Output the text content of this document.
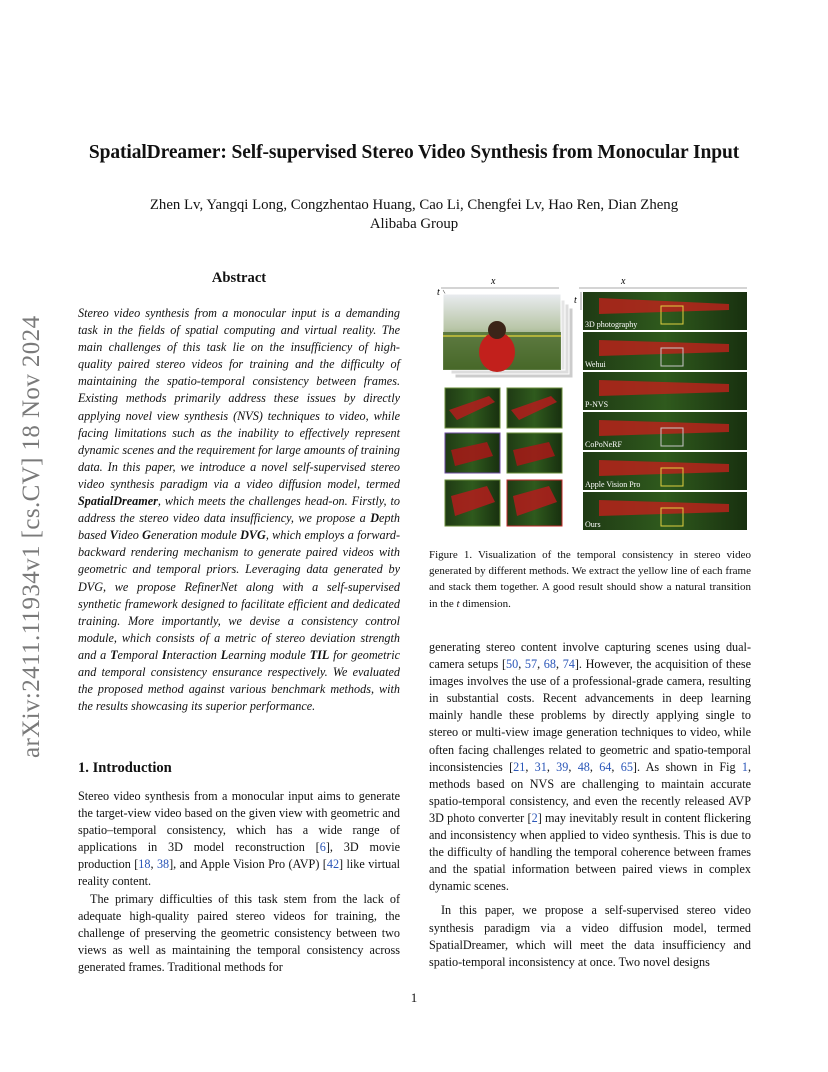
arXiv:2411.11934v1 [cs.CV] 18 Nov 2024
SpatialDreamer: Self-supervised Stereo Video Synthesis from Monocular Input
Zhen Lv, Yangqi Long, Congzhentao Huang, Cao Li, Chengfei Lv, Hao Ren, Dian Zheng
Alibaba Group
Abstract
Stereo video synthesis from a monocular input is a demanding task in the fields of spatial computing and virtual reality. The main challenges of this task lie on the insufficiency of high-quality paired stereo videos for training and the difficulty of maintaining the spatio-temporal consistency between frames. Existing methods primarily address these issues by directly applying novel view synthesis (NVS) techniques to video, while facing limitations such as the inability to effectively represent dynamic scenes and the requirement for large amounts of training data. In this paper, we introduce a novel self-supervised stereo video synthesis paradigm via a video diffusion model, termed SpatialDreamer, which meets the challenges head-on. Firstly, to address the stereo video data insufficiency, we propose a Depth based Video Generation module DVG, which employs a forward-backward rendering mechanism to generate paired videos with geometric and temporal priors. Leveraging data generated by DVG, we propose RefinerNet along with a self-supervised synthetic framework designed to facilitate efficient and dedicated training. More importantly, we devise a consistency control module, which consists of a metric of stereo deviation strength and a Temporal Interaction Learning module TIL for geometric and temporal consistency ensurance respectively. We evaluated the proposed method against various benchmark methods, with the results showcasing its superior performance.
1. Introduction

Stereo video synthesis from a monocular input aims to generate the target-view video based on the given view with geometric and spatio–temporal consistency, which has a wide range of applications in 3D model reconstruction [6], 3D movie production [18, 38], and Apple Vision Pro (AVP) [42] like virtual reality content.

The primary difficulties of this task stem from the lack of adequate high-quality paired stereo videos for training, the challenge of preserving the geometric consistency between two views as well as maintaining the temporal consistency across generated frames. Traditional methods for

x
t
x
t
3D photography
Wehui
P-NVS
CoPoNeRF
Apple Vision Pro
Ours
Figure 1. Visualization of the temporal consistency in stereo video generated by different methods. We extract the yellow line of each frame and stack them together. A good result should show a natural transition in the t dimension.

generating stereo content involve capturing scenes using dual-camera setups [50, 57, 68, 74]. However, the acquisition of these images involves the use of a professional-grade camera, resulting in substantial costs. Recent advancements in deep learning mainly handle these problems by directly applying single to stereo or multi-view image generation techniques to video, while often facing challenges related to geometric and spatio-temporal inconsistencies [21, 31, 39, 48, 64, 65]. As shown in Fig 1, methods based on NVS are challenging to maintain accurate spatio-temporal consistency, and even the recently released AVP 3D photo converter [2] may inevitably result in content flickering and inconsistency when applied to video synthesis. This is due to the difficulty of handling the temporal coherence between frames and the spatial information between paired views in complex dynamic scenes.

In this paper, we propose a self-supervised stereo video synthesis paradigm via a video diffusion model, termed SpatialDreamer, which will meet the data insufficiency and spatio-temporal inconsistency at once. Two novel designs

1
